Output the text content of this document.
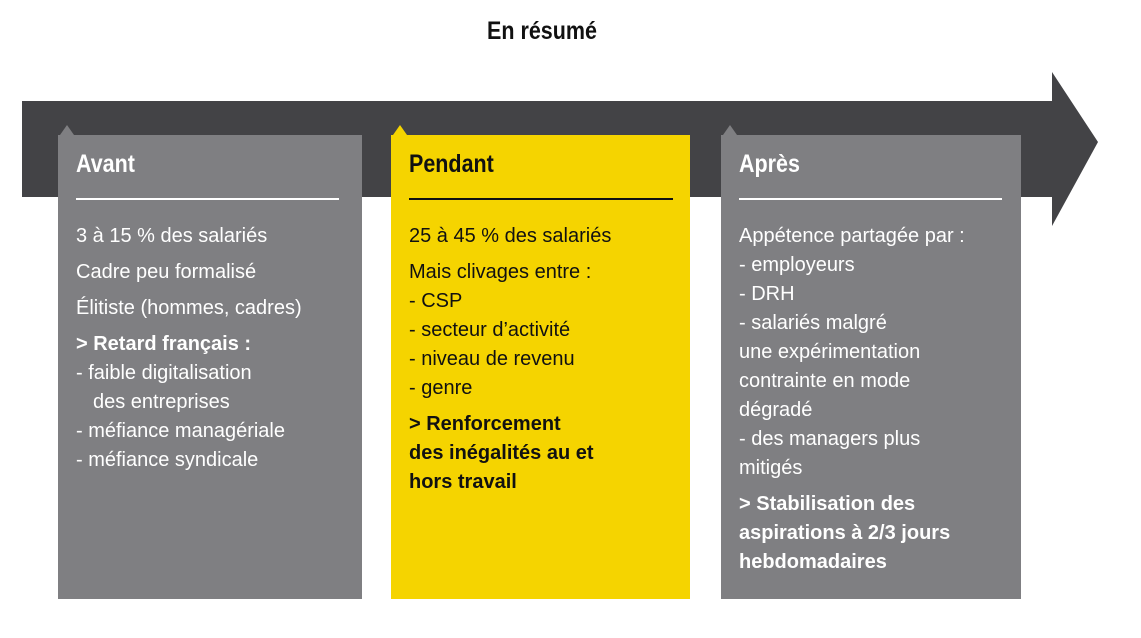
En résumé
Avant
3 à 15 % des salariés
Cadre peu formalisé
Élitiste (hommes, cadres)
> Retard français :
- faible digitalisation
des entreprises
- méfiance managériale
- méfiance syndicale
Pendant
25 à 45 % des salariés
Mais clivages entre :
- CSP
- secteur d’activité
- niveau de revenu
- genre
> Renforcement
des inégalités au et
hors travail
Après
Appétence partagée par :
- employeurs
- DRH
- salariés malgré
une expérimentation
contrainte en mode
dégradé
- des managers plus
mitigés
> Stabilisation des
aspirations à 2/3 jours
hebdomadaires
